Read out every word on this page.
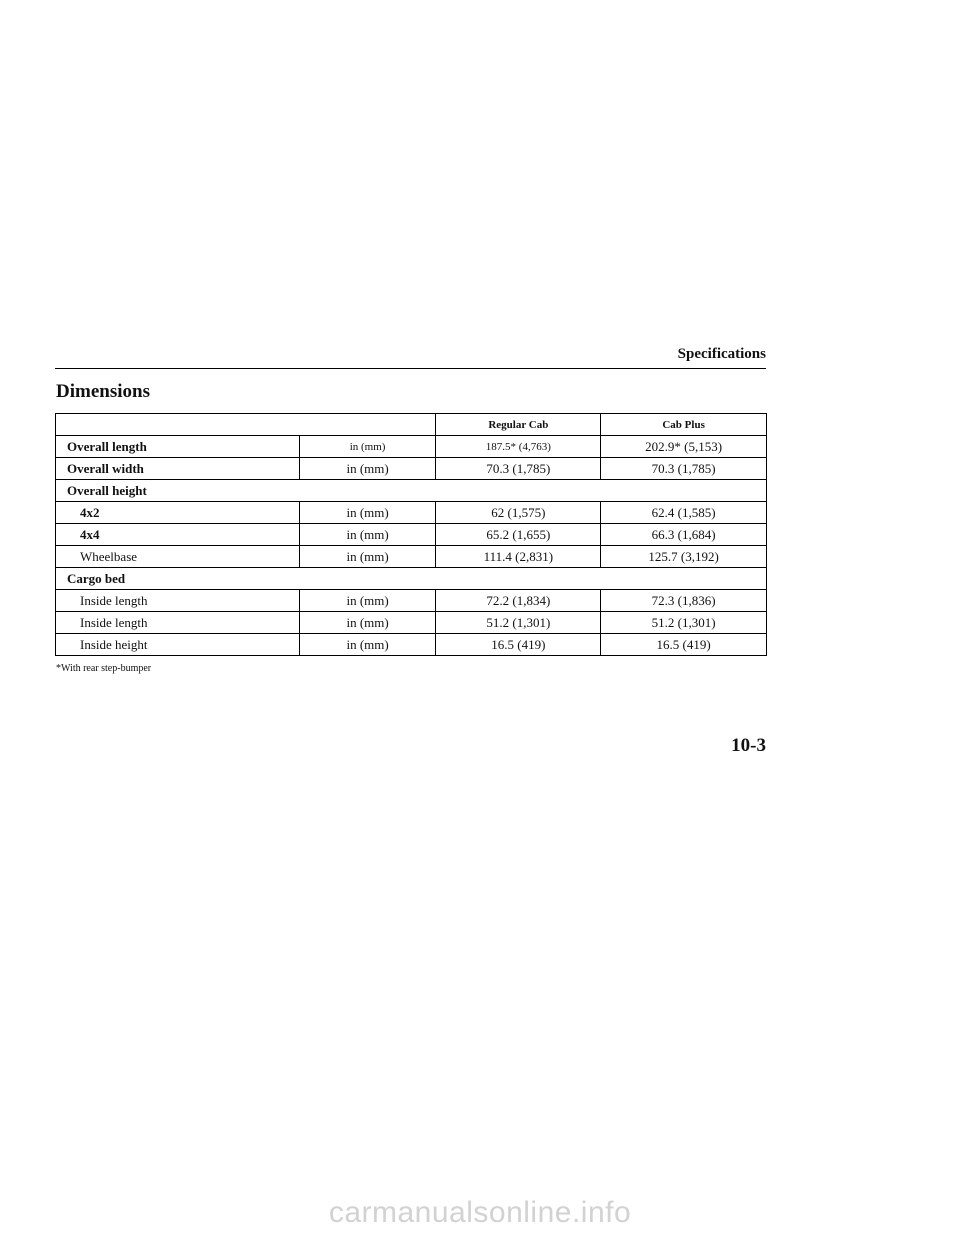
Specifications
Dimensions
		Regular Cab	Cab Plus
Overall length	in (mm)	187.5* (4,763)	202.9* (5,153)
Overall width	in (mm)	70.3 (1,785)	70.3 (1,785)
Overall height			
4x2	in (mm)	62 (1,575)	62.4 (1,585)
4x4	in (mm)	65.2 (1,655)	66.3 (1,684)
Wheelbase	in (mm)	111.4 (2,831)	125.7 (3,192)
Cargo bed			
Inside length	in (mm)	72.2 (1,834)	72.3 (1,836)
Inside length	in (mm)	51.2 (1,301)	51.2 (1,301)
Inside height	in (mm)	16.5 (419)	16.5 (419)
*With rear step-bumper
10-3
carmanualsonline.info
